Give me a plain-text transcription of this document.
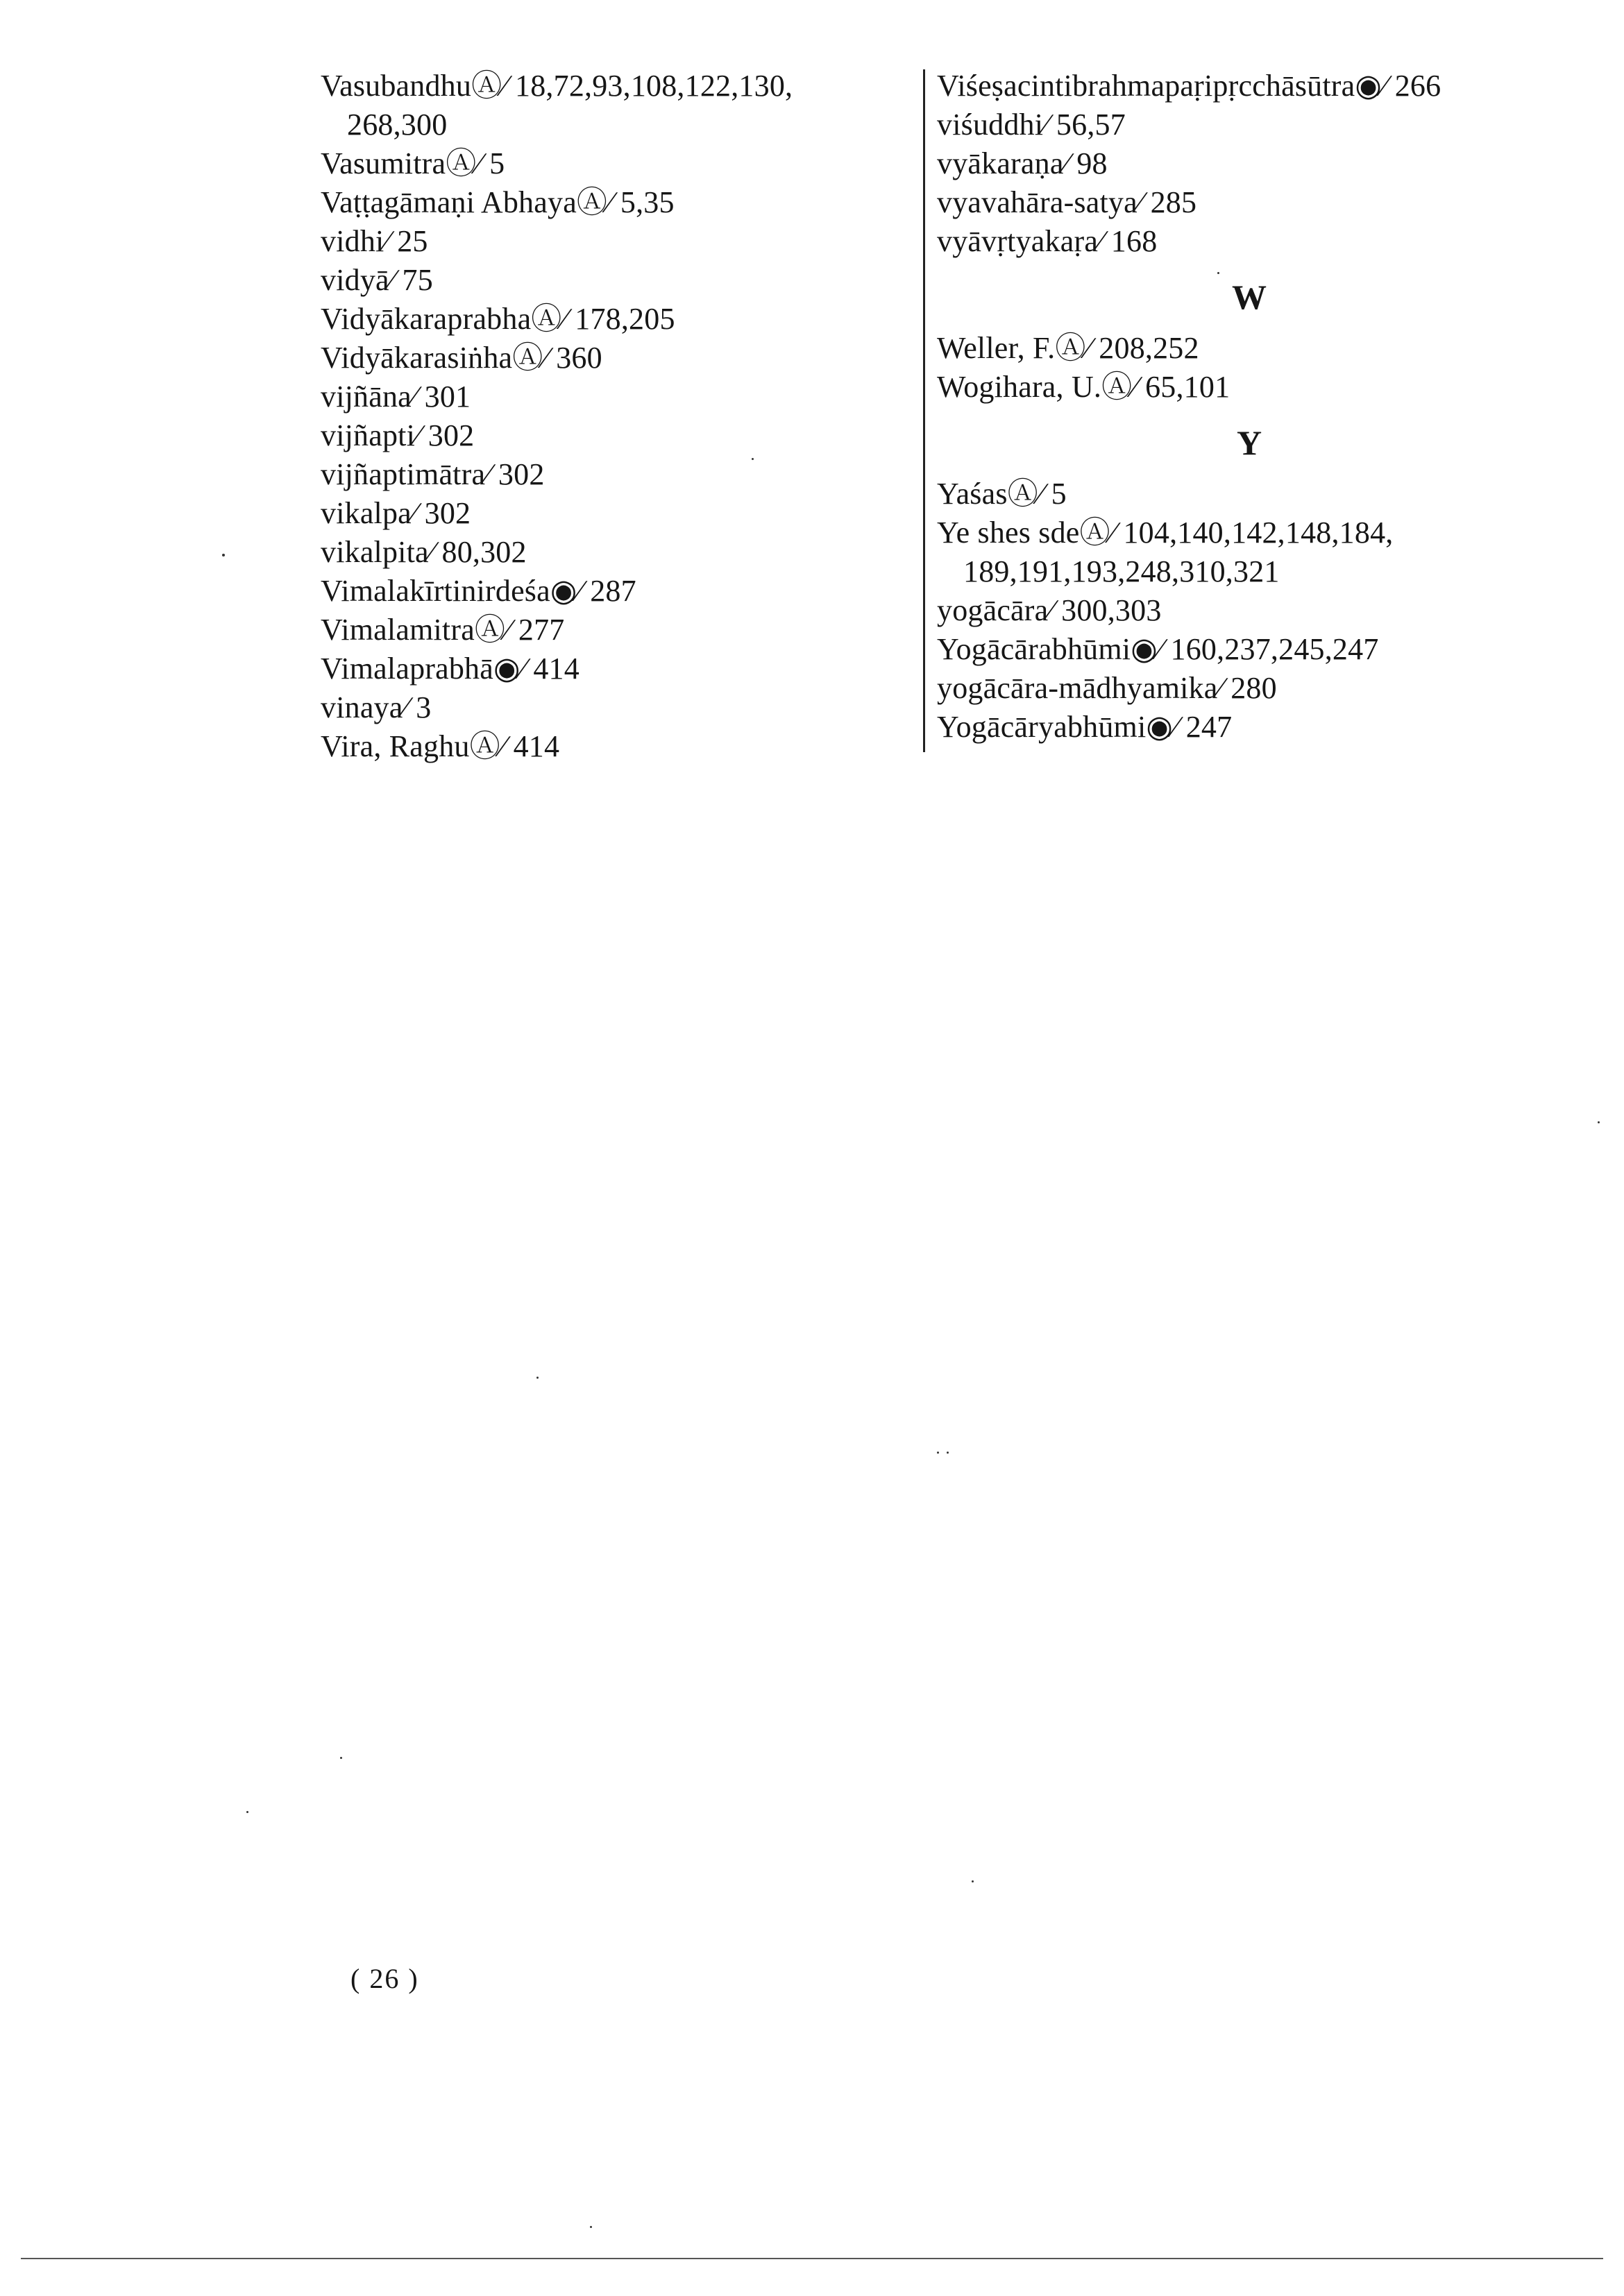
VasubandhuⒶ∕ 18,72,93,108,122,130,
268,300
VasumitraⒶ∕ 5
Vaṭṭagāmaṇi AbhayaⒶ∕ 5,35
vidhi∕ 25
vidyā∕ 75
VidyākaraprabhaⒶ∕ 178,205
VidyākarasiṅhaⒶ∕ 360
vijñāna∕ 301
vijñapti∕ 302
vijñaptimātra∕ 302
vikalpa∕ 302
vikalpita∕ 80,302
Vimalakīrtinirdeśa◉∕ 287
VimalamitraⒶ∕ 277
Vimalaprabhā◉∕ 414
vinaya∕ 3
Vira, RaghuⒶ∕ 414
Viśeṣacintibrahmapaṛipṛcchāsūtra◉∕ 266
viśuddhi∕ 56,57
vyākaraṇa∕ 98
vyavahāra-satya∕ 285
vyāvṛtyakaṛa∕ 168
W
Weller, F.Ⓐ∕ 208,252
Wogihara, U.Ⓐ∕ 65,101
Y
YaśasⒶ∕ 5
Ye shes sdeⒶ∕ 104,140,142,148,184,
189,191,193,248,310,321
yogācāra∕ 300,303
Yogācārabhūmi◉∕ 160,237,245,247
yogācāra-mādhyamika∕ 280
Yogācāryabhūmi◉∕ 247
( 26 )
